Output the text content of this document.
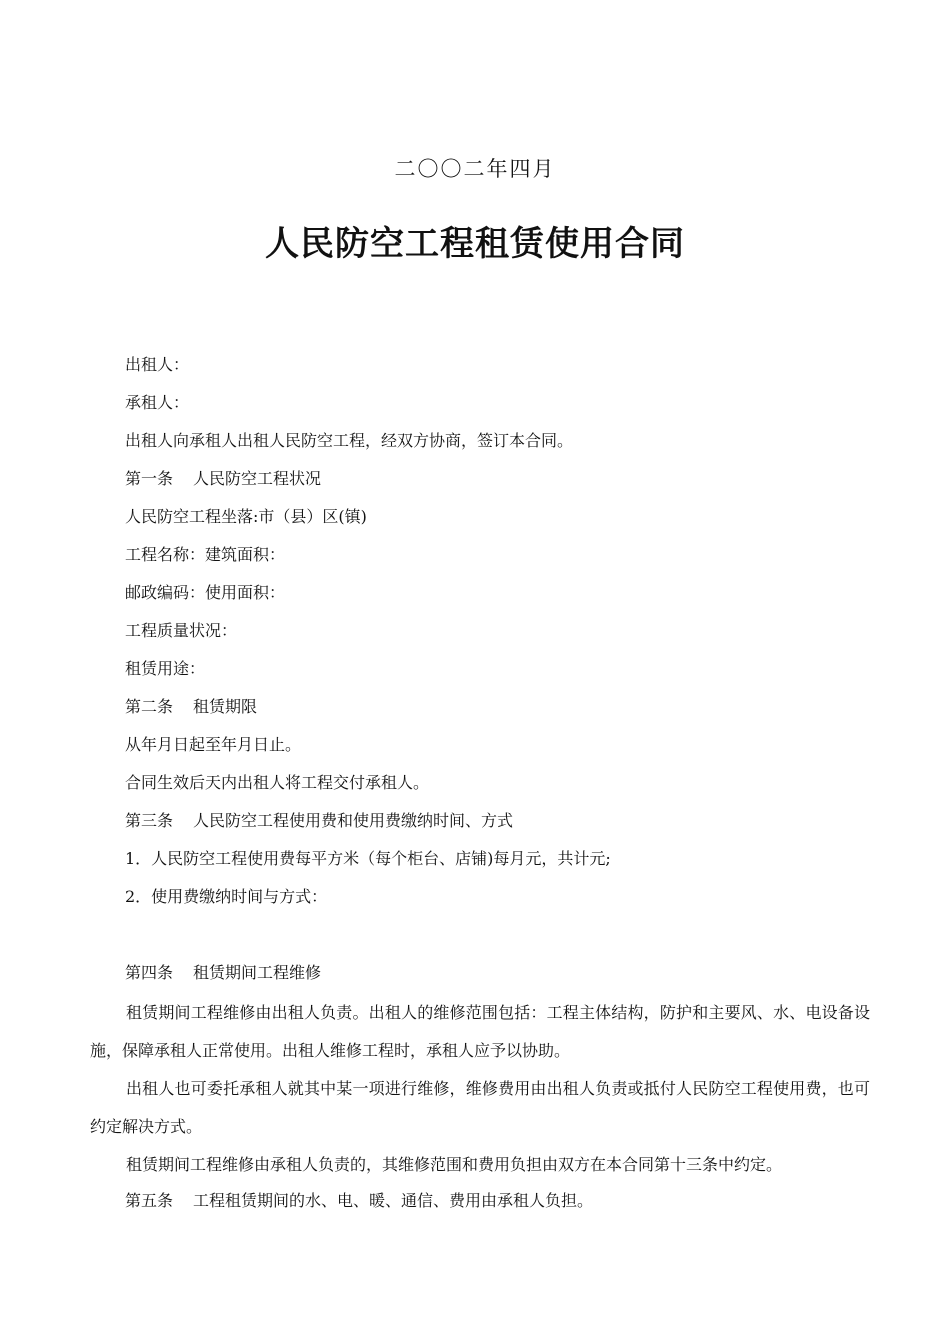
二〇〇二年四月
人民防空工程租赁使用合同
出租人：
承租人：
出租人向承租人出租人民防空工程，经双方协商，签订本合同。
第一条 人民防空工程状况
人民防空工程坐落:市（县）区(镇)
工程名称：建筑面积：
邮政编码：使用面积：
工程质量状况：
租赁用途：
第二条 租赁期限
从年月日起至年月日止。
合同生效后天内出租人将工程交付承租人。
第三条 人民防空工程使用费和使用费缴纳时间、方式
1．人民防空工程使用费每平方米（每个柜台、店铺)每月元，共计元;
2．使用费缴纳时间与方式：
第四条 租赁期间工程维修

租赁期间工程维修由出租人负责。出租人的维修范围包括：工程主体结构，防护和主要风、水、电设备设施，保障承租人正常使用。出租人维修工程时，承租人应予以协助。

出租人也可委托承租人就其中某一项进行维修，维修费用由出租人负责或抵付人民防空工程使用费，也可约定解决方式。

租赁期间工程维修由承租人负责的，其维修范围和费用负担由双方在本合同第十三条中约定。

第五条 工程租赁期间的水、电、暖、通信、费用由承租人负担。
